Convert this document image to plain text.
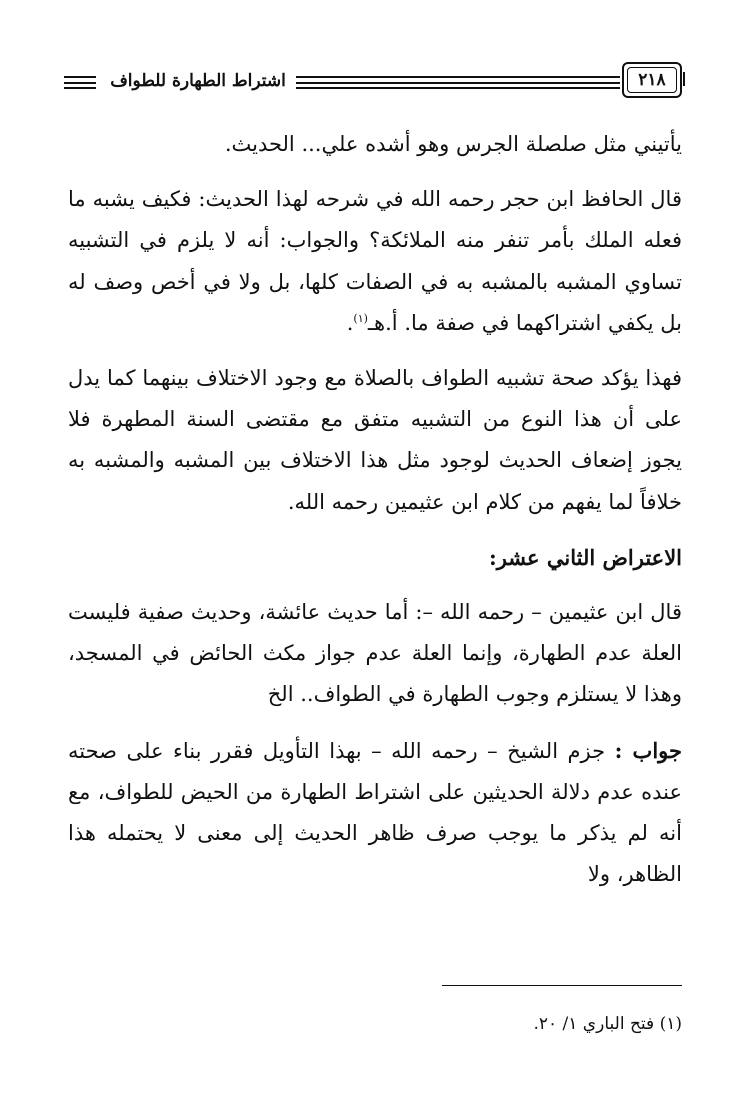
اشتراط الطهارة للطواف	٢١٨

يأتيني مثل صلصلة الجرس وهو أشده علي... الحديث.

قال الحافظ ابن حجر رحمه الله في شرحه لهذا الحديث: فكيف يشبه ما فعله الملك بأمر تنفر منه الملائكة؟ والجواب: أنه لا يلزم في التشبيه تساوي المشبه بالمشبه به في الصفات كلها، بل ولا في أخص وصف له بل يكفي اشتراكهما في صفة ما. أ.هـ$^{(١)}$.

فهذا يؤكد صحة تشبيه الطواف بالصلاة مع وجود الاختلاف بينهما كما يدل على أن هذا النوع من التشبيه متفق مع مقتضى السنة المطهرة فلا يجوز إضعاف الحديث لوجود مثل هذا الاختلاف بين المشبه والمشبه به خلافاً لما يفهم من كلام ابن عثيمين رحمه الله.

الاعتراض الثاني عشر:

قال ابن عثيمين – رحمه الله –: أما حديث عائشة، وحديث صفية فليست العلة عدم الطهارة، وإنما العلة عدم جواز مكث الحائض في المسجد، وهذا لا يستلزم وجوب الطهارة في الطواف.. الخ

جواب : جزم الشيخ – رحمه الله – بهذا التأويل فقرر بناء على صحته عنده عدم دلالة الحديثين على اشتراط الطهارة من الحيض للطواف، مع أنه لم يذكر ما يوجب صرف ظاهر الحديث إلى معنى لا يحتمله هذا الظاهر، ولا

(١) فتح الباري ١/ ٢٠.
